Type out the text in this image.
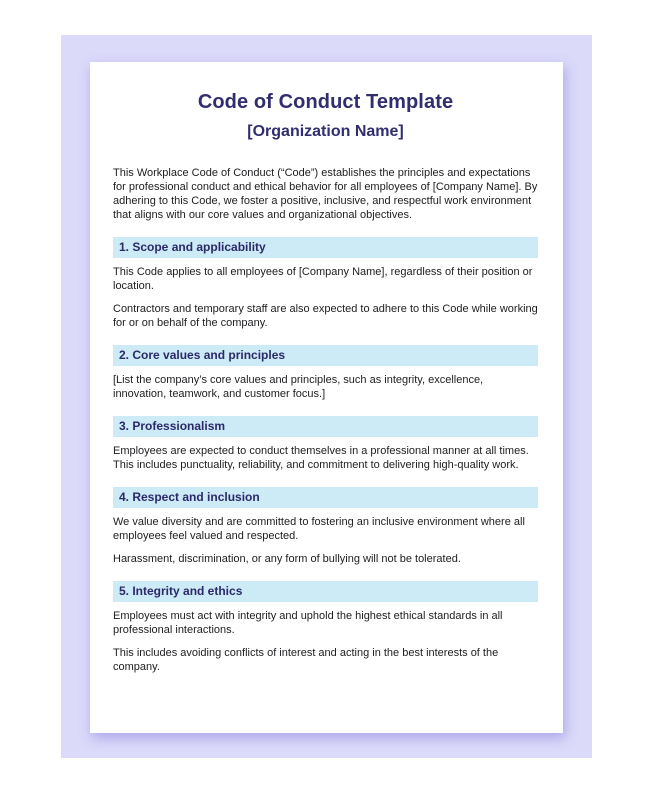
Code of Conduct Template
[Organization Name]

This Workplace Code of Conduct (“Code”) establishes the principles and expectations for professional conduct and ethical behavior for all employees of [Company Name]. By adhering to this Code, we foster a positive, inclusive, and respectful work environment that aligns with our core values and organizational objectives.

1. Scope and applicability

This Code applies to all employees of [Company Name], regardless of their position or location.

Contractors and temporary staff are also expected to adhere to this Code while working for or on behalf of the company.

2. Core values and principles

[List the company’s core values and principles, such as integrity, excellence, innovation, teamwork, and customer focus.]

3. Professionalism

Employees are expected to conduct themselves in a professional manner at all times. This includes punctuality, reliability, and commitment to delivering high-quality work.

4. Respect and inclusion

We value diversity and are committed to fostering an inclusive environment where all employees feel valued and respected.

Harassment, discrimination, or any form of bullying will not be tolerated.

5. Integrity and ethics

Employees must act with integrity and uphold the highest ethical standards in all professional interactions.

This includes avoiding conflicts of interest and acting in the best interests of the company.
